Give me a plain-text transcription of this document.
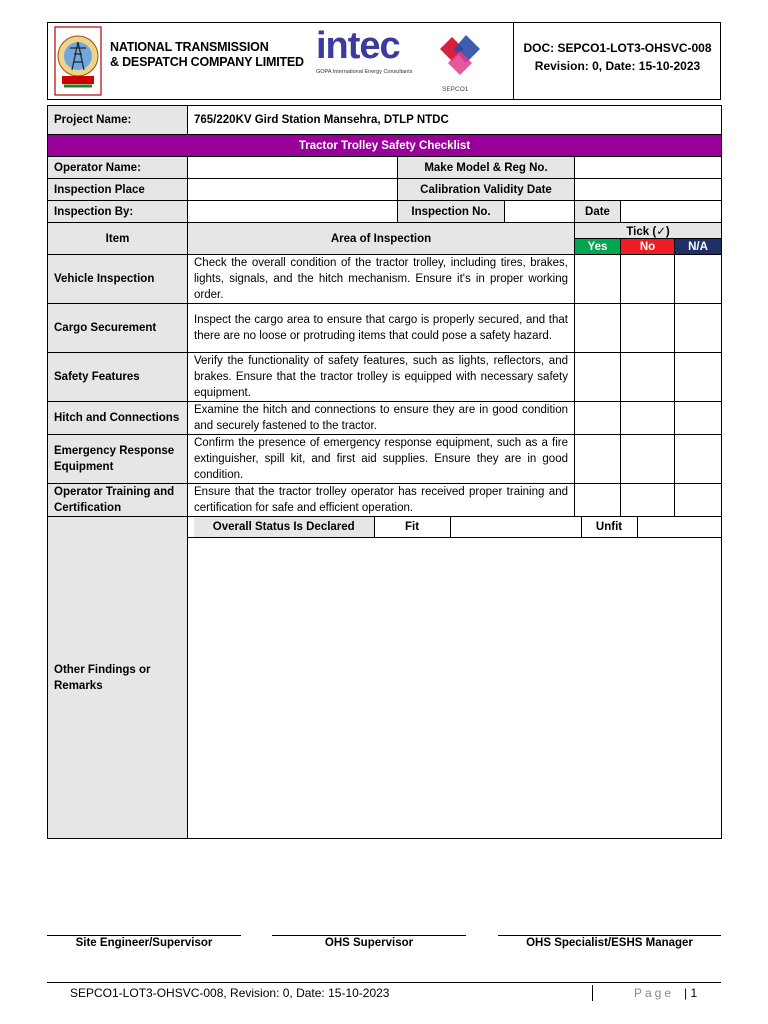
NATIONAL TRANSMISSION
& DESPATCH COMPANY LIMITED intec
GOPA International Energy Consultants
SEPCO1
DOC: SEPCO1-LOT3-OHSVC-008
Revision: 0, Date: 15-10-2023
Project Name:	765/220KV Gird Station Mansehra, DTLP NTDC
Tractor Trolley Safety Checklist
Operator Name:		Make Model & Reg No.	
Inspection Place		Calibration Validity Date	
Inspection By:		Inspection No.		Date	
Item	Area of Inspection	Tick (✓)
Yes	No	N/A
Vehicle Inspection	Check the overall condition of the tractor trolley, including tires, brakes, lights, signals, and the hitch mechanism. Ensure it's in proper working order.			
Cargo Securement	Inspect the cargo area to ensure that cargo is properly secured, and that there are no loose or protruding items that could pose a safety hazard.			
Safety Features	Verify the functionality of safety features, such as lights, reflectors, and brakes. Ensure that the tractor trolley is equipped with necessary safety equipment.			
Hitch and Connections	Examine the hitch and connections to ensure they are in good condition and securely fastened to the tractor.			
Emergency Response Equipment	Confirm the presence of emergency response equipment, such as a fire extinguisher, spill kit, and first aid supplies. Ensure they are in good condition.			
Operator Training and Certification	Ensure that the tractor trolley operator has received proper training and certification for safe and efficient operation.			
Other Findings or Remarks	
Overall Status Is Declared	Fit		Unfit	

Site Engineer/Supervisor	OHS Supervisor	OHS Specialist/ESHS Manager
SEPCO1-LOT3-OHSVC-008, Revision: 0, Date: 15-10-2023	Page | 1
